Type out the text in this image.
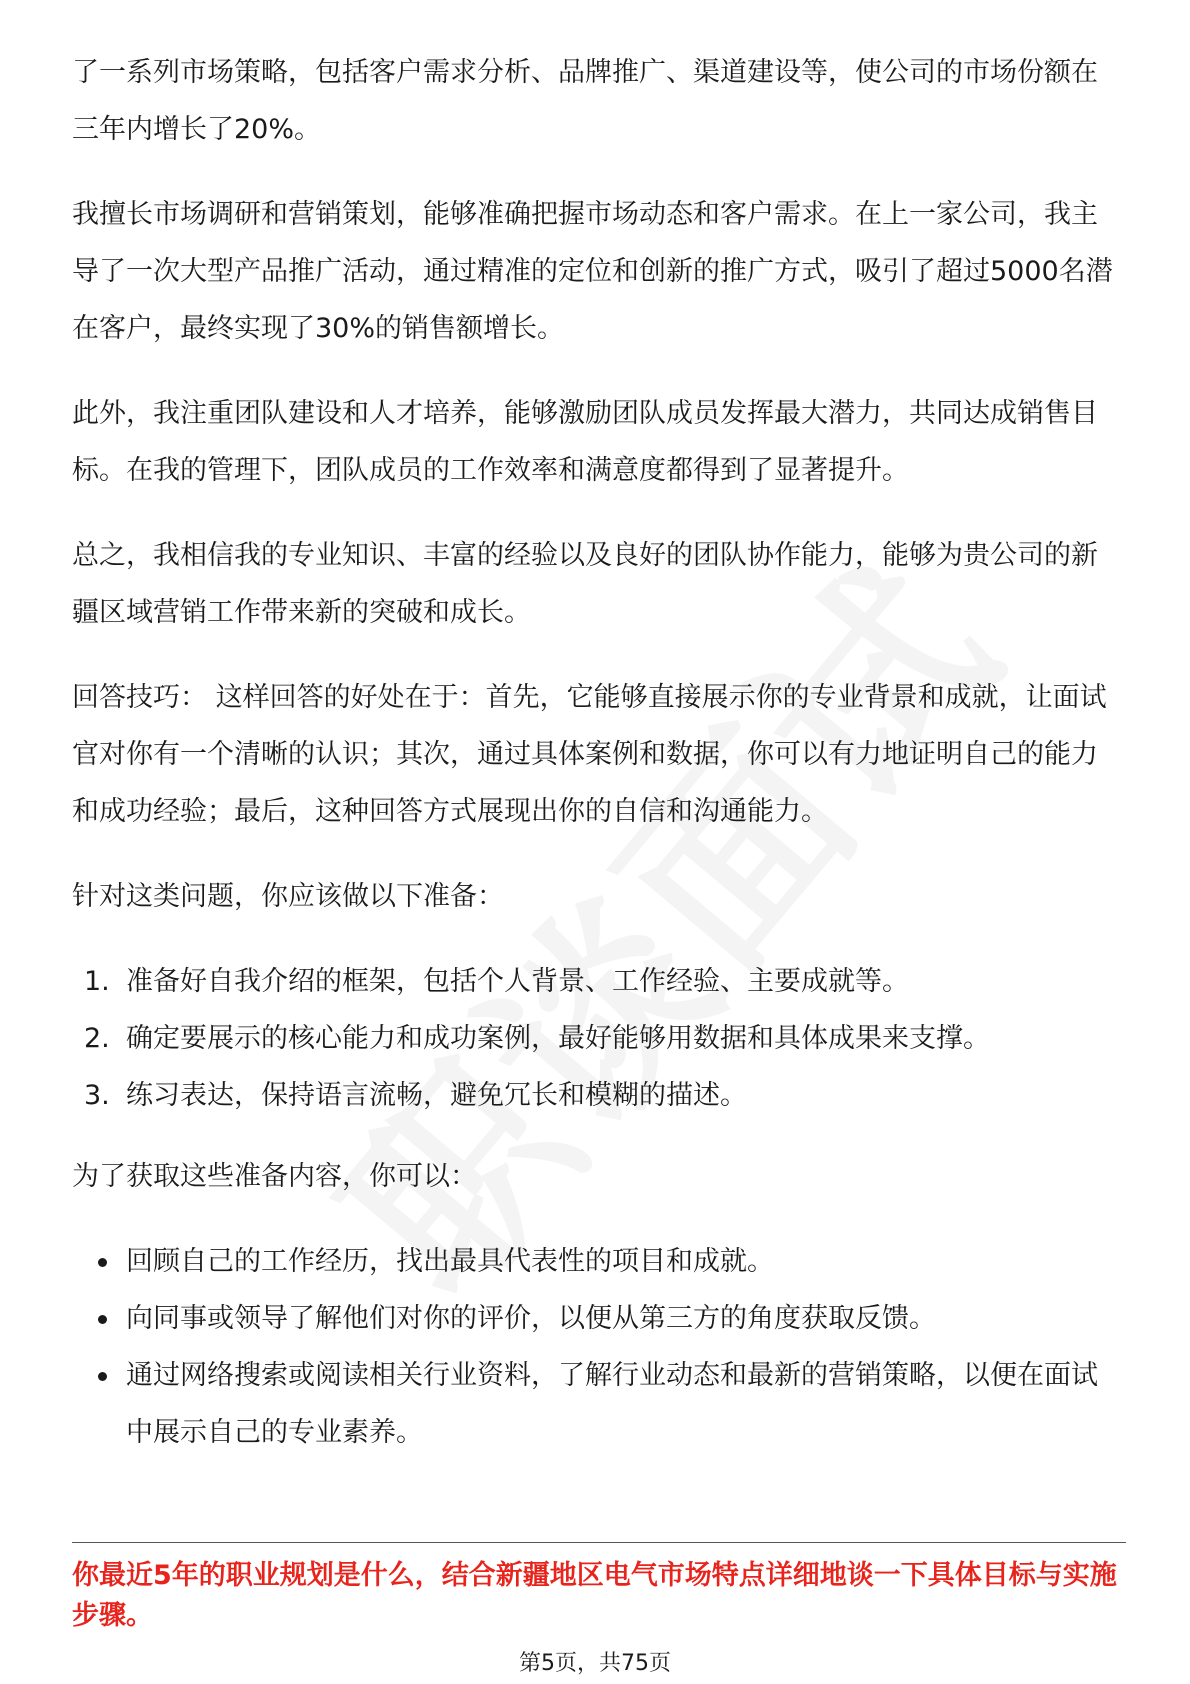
了一系列市场策略，包括客户需求分析、品牌推广、渠道建设等，使公司的市场份额在三年内增长了20%。

我擅长市场调研和营销策划，能够准确把握市场动态和客户需求。在上一家公司，我主导了一次大型产品推广活动，通过精准的定位和创新的推广方式，吸引了超过5000名潜在客户，最终实现了30%的销售额增长。

此外，我注重团队建设和人才培养，能够激励团队成员发挥最大潜力，共同达成销售目标。在我的管理下，团队成员的工作效率和满意度都得到了显著提升。

总之，我相信我的专业知识、丰富的经验以及良好的团队协作能力，能够为贵公司的新疆区域营销工作带来新的突破和成长。

回答技巧： 这样回答的好处在于：首先，它能够直接展示你的专业背景和成就，让面试官对你有一个清晰的认识；其次，通过具体案例和数据，你可以有力地证明自己的能力和成功经验；最后，这种回答方式展现出你的自信和沟通能力。

针对这类问题，你应该做以下准备：

1. 准备好自我介绍的框架，包括个人背景、工作经验、主要成就等。
2. 确定要展示的核心能力和成功案例，最好能够用数据和具体成果来支撑。
3. 练习表达，保持语言流畅，避免冗长和模糊的描述。

为了获取这些准备内容，你可以：

回顾自己的工作经历，找出最具代表性的项目和成就。
向同事或领导了解他们对你的评价，以便从第三方的角度获取反馈。
通过网络搜索或阅读相关行业资料，了解行业动态和最新的营销策略，以便在面试中展示自己的专业素养。
你最近5年的职业规划是什么，结合新疆地区电气市场特点详细地谈一下具体目标与实施步骤。
第5页，共75页
